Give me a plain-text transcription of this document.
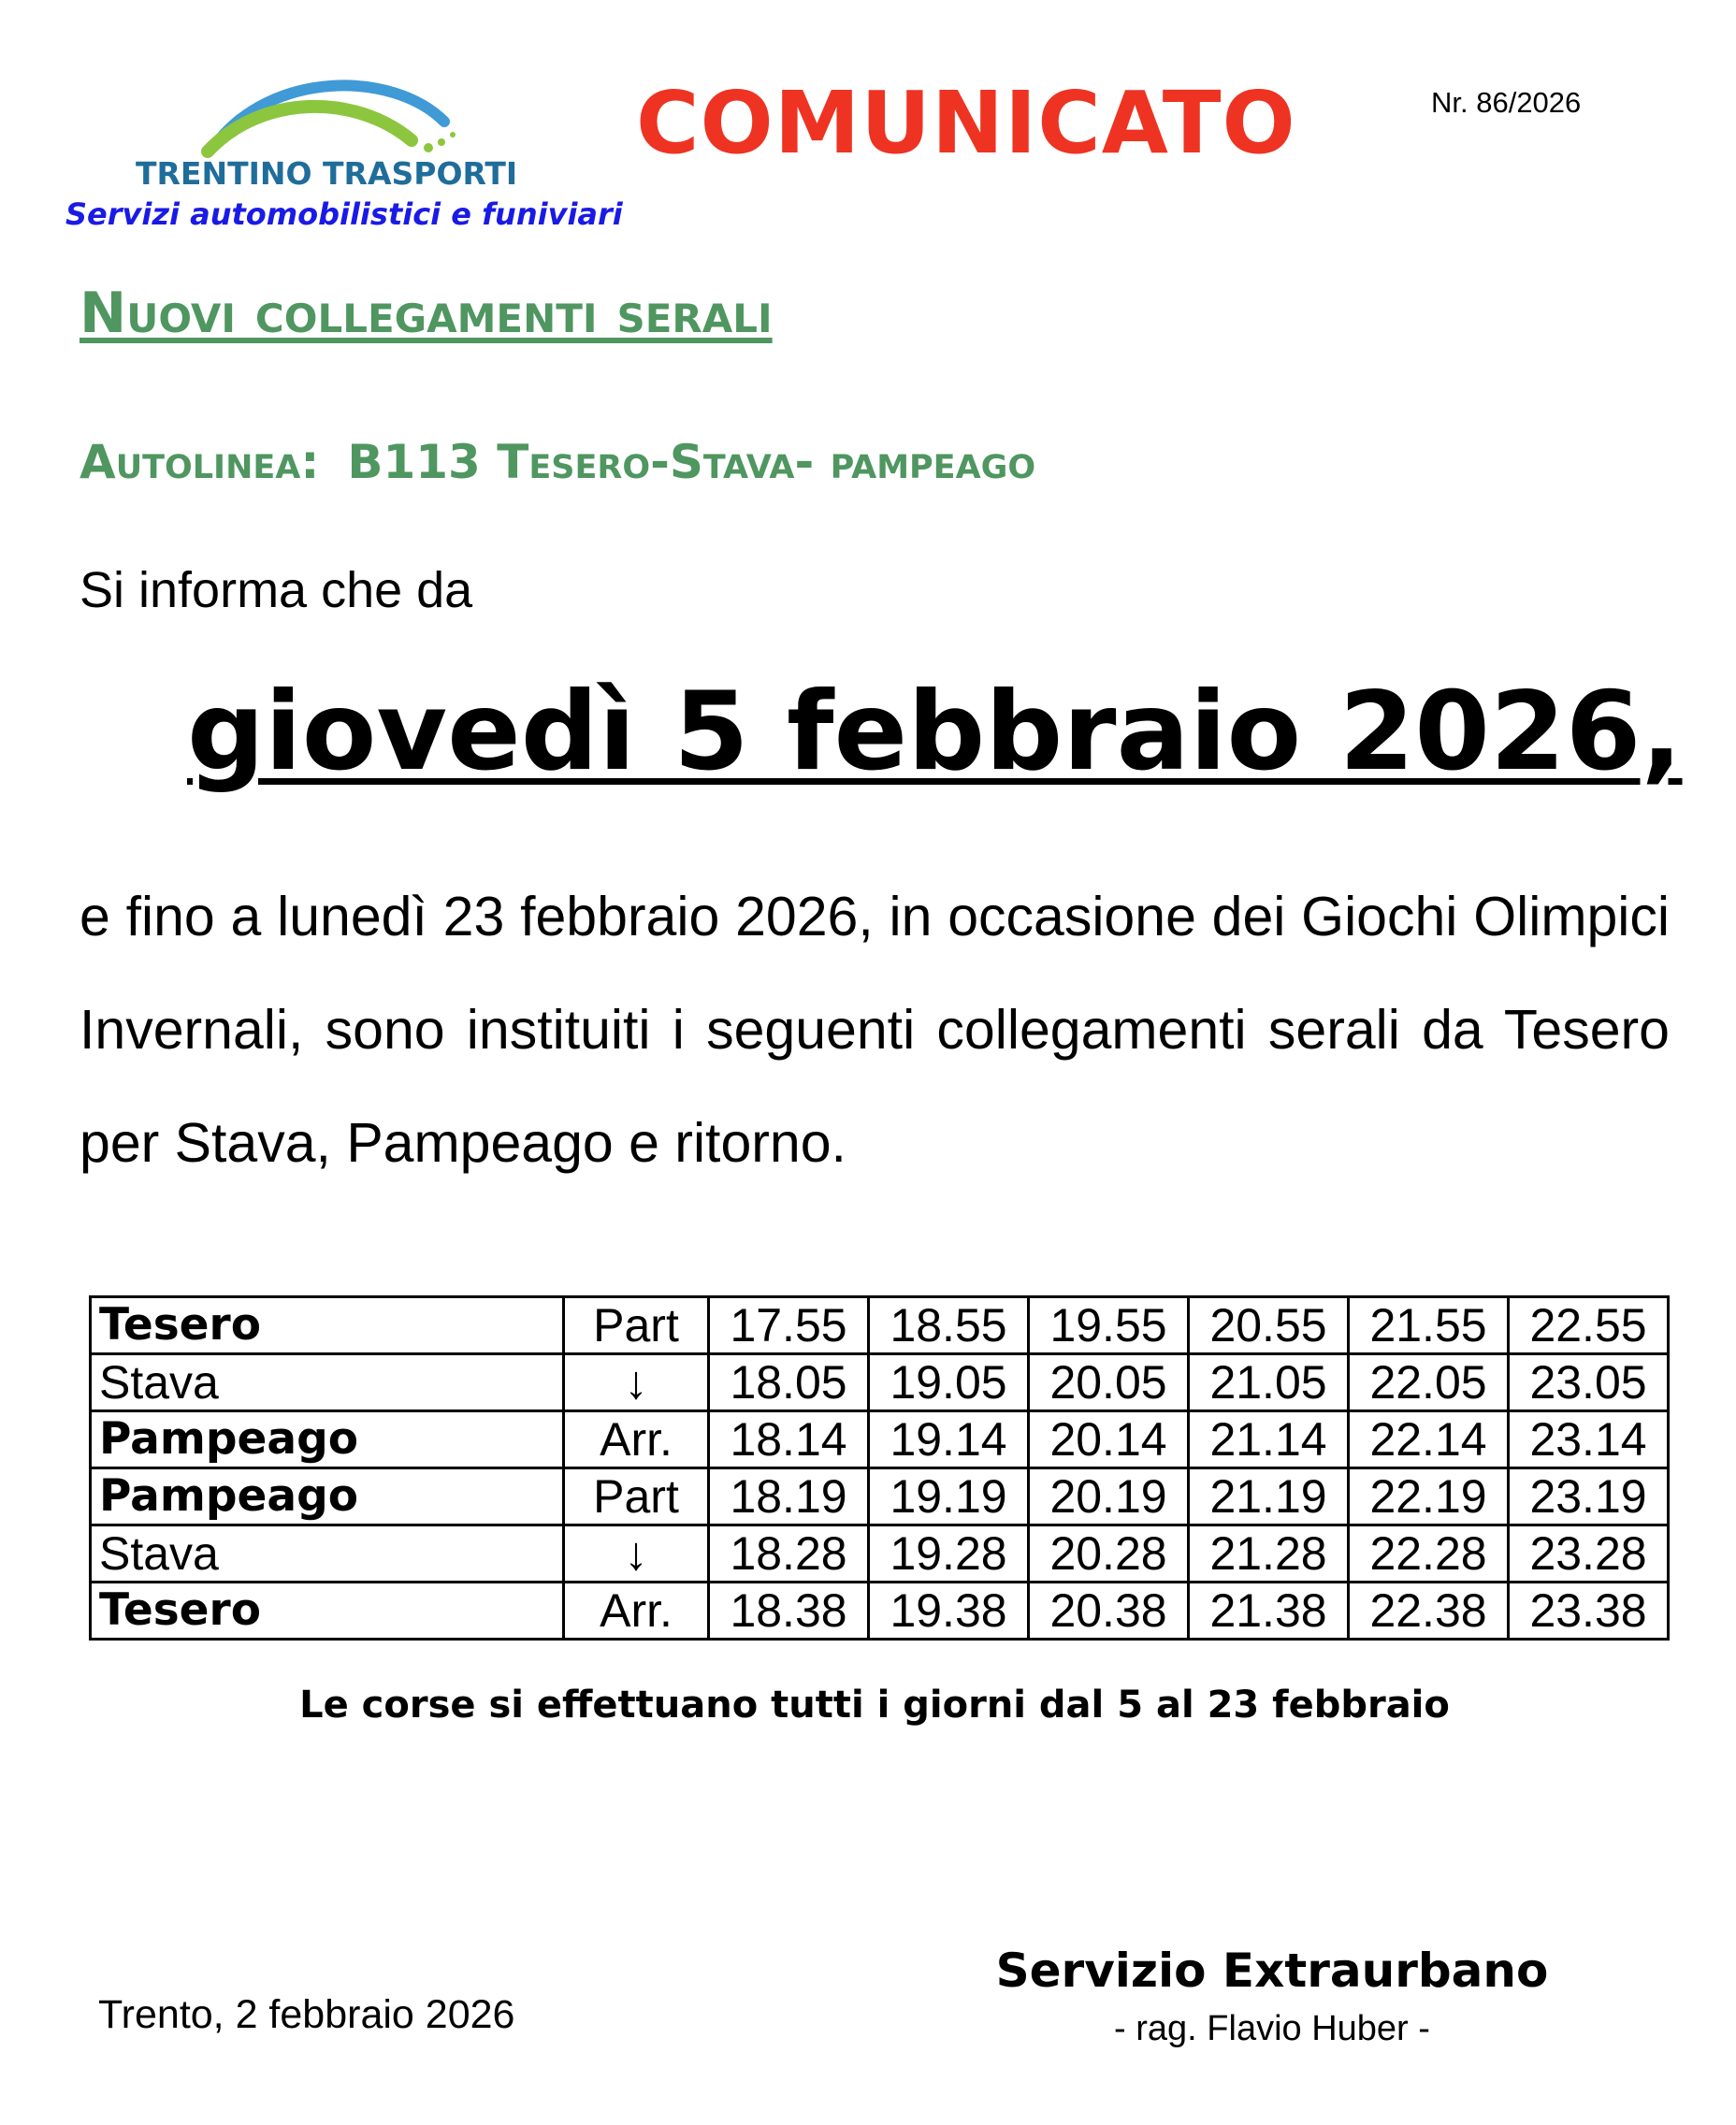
TRENTINO TRASPORTI
Servizi automobilistici e funiviari
COMUNICATO	Nr. 86/2026
Nuovi collegamenti serali
Autolinea: B113 Tesero-Stava- pampeago
Si informa che da
giovedì 5 febbraio 2026,
e fino a lunedì 23 febbraio 2026, in occasione dei Giochi Olimpici Invernali, sono instituiti i seguenti collegamenti serali da Tesero per Stava, Pampeago e ritorno.
Tesero	Part	17.55	18.55	19.55	20.55	21.55	22.55
Stava	↓	18.05	19.05	20.05	21.05	22.05	23.05
Pampeago	Arr.	18.14	19.14	20.14	21.14	22.14	23.14
Pampeago	Part	18.19	19.19	20.19	21.19	22.19	23.19
Stava	↓	18.28	19.28	20.28	21.28	22.28	23.28
Tesero	Arr.	18.38	19.38	20.38	21.38	22.38	23.38
Le corse si effettuano tutti i giorni dal 5 al 23 febbraio
Trento, 2 febbraio 2026
Servizio Extraurbano
- rag. Flavio Huber -
